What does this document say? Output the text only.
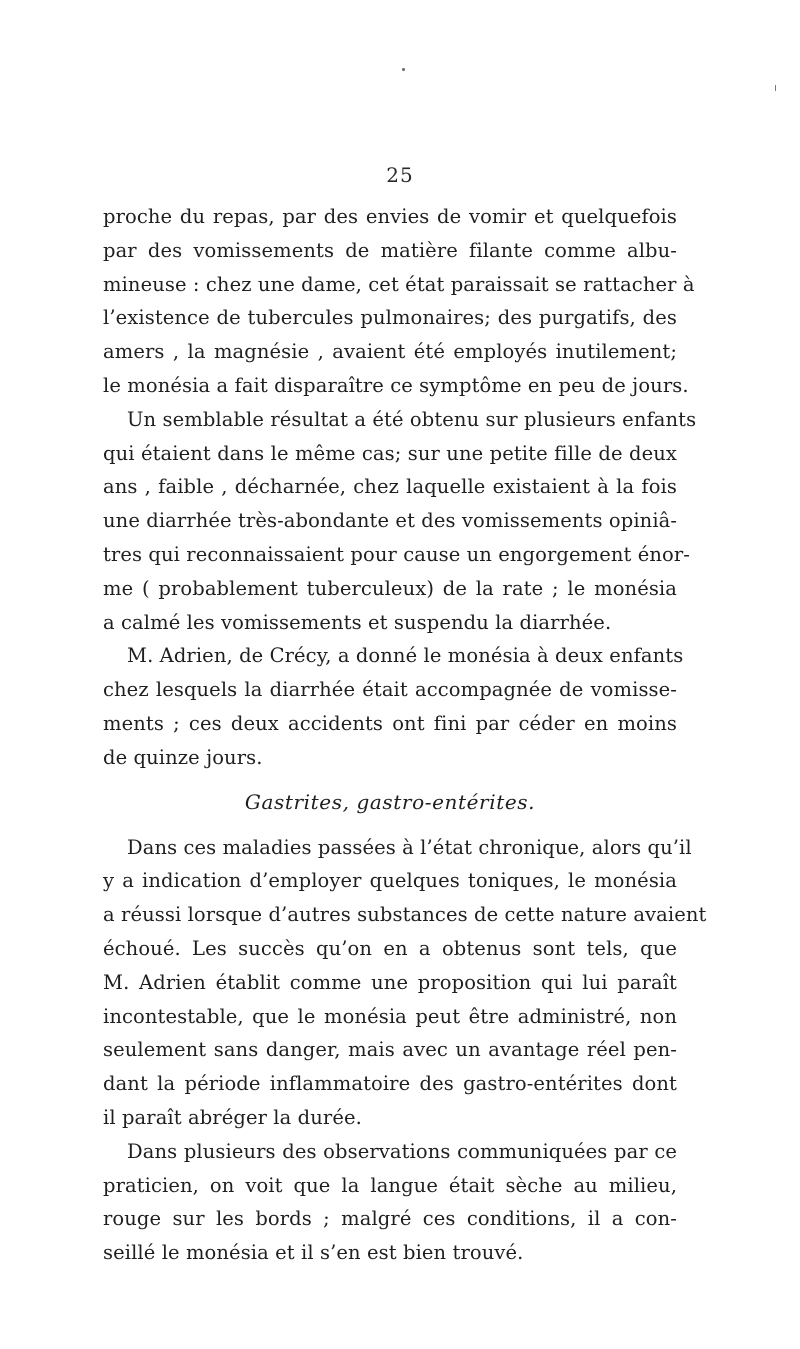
25
proche du repas, par des envies de vomir et quelquefois
par des vomissements de matière filante comme albu-
mineuse : chez une dame, cet état paraissait se rattacher à
l’existence de tubercules pulmonaires; des purgatifs, des
amers , la magnésie , avaient été employés inutilement;
le monésia a fait disparaître ce symptôme en peu de jours.
Un semblable résultat a été obtenu sur plusieurs enfants
qui étaient dans le même cas; sur une petite fille de deux
ans , faible , décharnée, chez laquelle existaient à la fois
une diarrhée très-abondante et des vomissements opiniâ-
tres qui reconnaissaient pour cause un engorgement énor-
me ( probablement tuberculeux) de la rate ; le monésia
a calmé les vomissements et suspendu la diarrhée.
M. Adrien, de Crécy, a donné le monésia à deux enfants
chez lesquels la diarrhée était accompagnée de vomisse-
ments ; ces deux accidents ont fini par céder en moins
de quinze jours.
Gastrites, gastro-entérites.
Dans ces maladies passées à l’état chronique, alors qu’il
y a indication d’employer quelques toniques, le monésia
a réussi lorsque d’autres substances de cette nature avaient
échoué. Les succès qu’on en a obtenus sont tels, que
M. Adrien établit comme une proposition qui lui paraît
incontestable, que le monésia peut être administré, non
seulement sans danger, mais avec un avantage réel pen-
dant la période inflammatoire des gastro-entérites dont
il paraît abréger la durée.
Dans plusieurs des observations communiquées par ce
praticien, on voit que la langue était sèche au milieu,
rouge sur les bords ; malgré ces conditions, il a con-
seillé le monésia et il s’en est bien trouvé.
